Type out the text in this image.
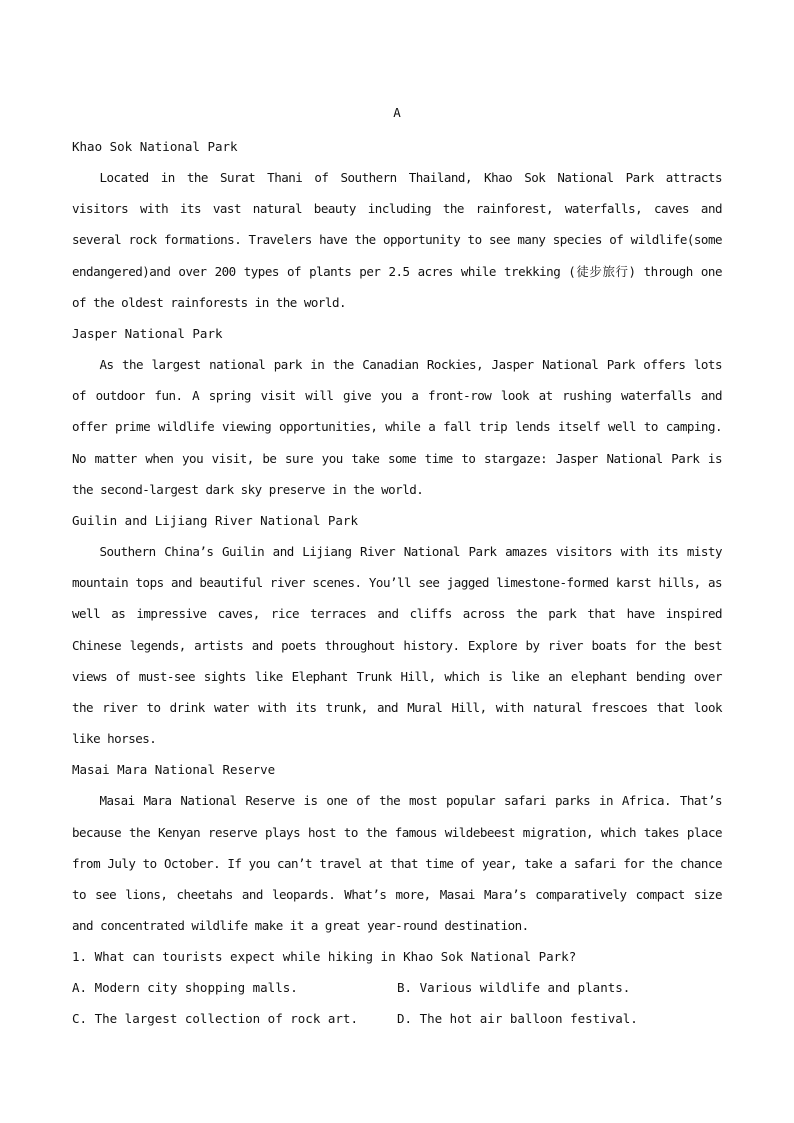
A
Khao Sok National Park

Located in the Surat Thani of Southern Thailand, Khao Sok National Park attracts visitors with its vast natural beauty including the rainforest, waterfalls, caves and several rock formations. Travelers have the opportunity to see many species of wildlife(some endangered)and over 200 types of plants per 2.5 acres while trekking (徒步旅行) through one of the oldest rainforests in the world.

Jasper National Park

As the largest national park in the Canadian Rockies, Jasper National Park offers lots of outdoor fun. A spring visit will give you a front-row look at rushing waterfalls and offer prime wildlife viewing opportunities, while a fall trip lends itself well to camping. No matter when you visit, be sure you take some time to stargaze: Jasper National Park is the second-largest dark sky preserve in the world.

Guilin and Lijiang River National Park

Southern China’s Guilin and Lijiang River National Park amazes visitors with its misty mountain tops and beautiful river scenes. You’ll see jagged limestone-formed karst hills, as well as impressive caves, rice terraces and cliffs across the park that have inspired Chinese legends, artists and poets throughout history. Explore by river boats for the best views of must-see sights like Elephant Trunk Hill, which is like an elephant bending over the river to drink water with its trunk, and Mural Hill, with natural frescoes that look like horses.

Masai Mara National Reserve

Masai Mara National Reserve is one of the most popular safari parks in Africa. That’s because the Kenyan reserve plays host to the famous wildebeest migration, which takes place from July to October. If you can’t travel at that time of year, take a safari for the chance to see lions, cheetahs and leopards. What’s more, Masai Mara’s comparatively compact size and concentrated wildlife make it a great year-round destination.

1. What can tourists expect while hiking in Khao Sok National Park?
A. Modern city shopping malls.	B. Various wildlife and plants.
C. The largest collection of rock art.	D. The hot air balloon festival.
